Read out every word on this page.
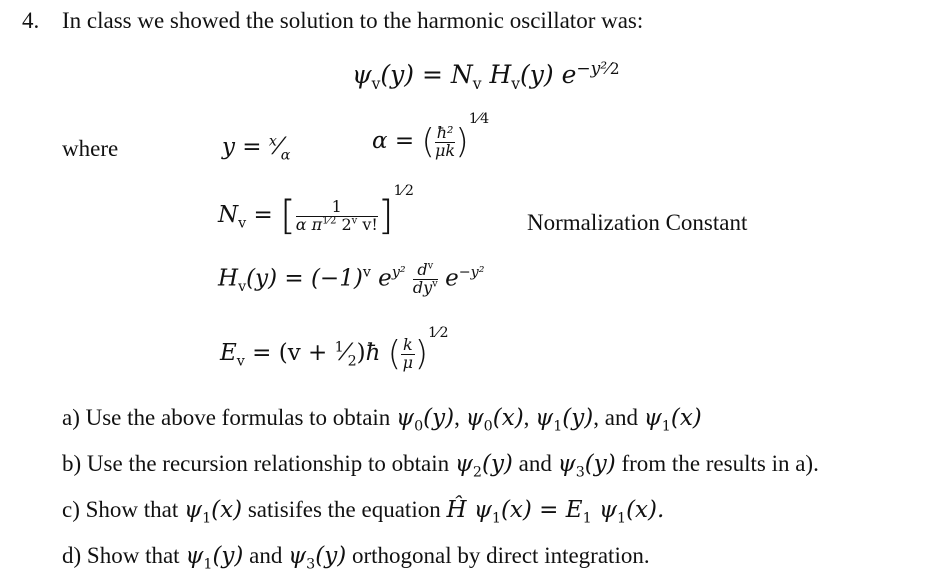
4. In class we showed the solution to the harmonic oscillator was:
$\psi_v(y) = N_v$ $H_v(y)$ $e^{-y^2⁄2}$
where	$y = ^x⁄_\alpha$
α = ( $\frac{\text{ħ²}}{\mu k} )^{1⁄4}$
$N_v$ = [ $\frac{1}{\alpha \pi^{1⁄2} 2^v v!} ]^{1⁄2}$
Normalization Constant
$H_v(y) = (-1)^v$ $e^{y^2} \frac{d^v}{dy^v} e^{-y^2}$
$E_v = (v$ + $^1⁄_2)ħ$ ( $\frac{k}{\mu} )^{1⁄2}$
a) Use the above formulas to obtain $\psi_0(y)$, $\psi_0(x)$, $\psi_1(y)$, and $\psi_1(x)$
b) Use the recursion relationship to obtain $\psi_2(y)$ and $\psi_3(y)$ from the results in a).
c) Show that $\psi_1(x)$ satisifes the equation Ĥ $\psi_1(x) = E_1$ $\psi_1(x)$.
d) Show that $\psi_1(y)$ and $\psi_3(y)$ orthogonal by direct integration.
